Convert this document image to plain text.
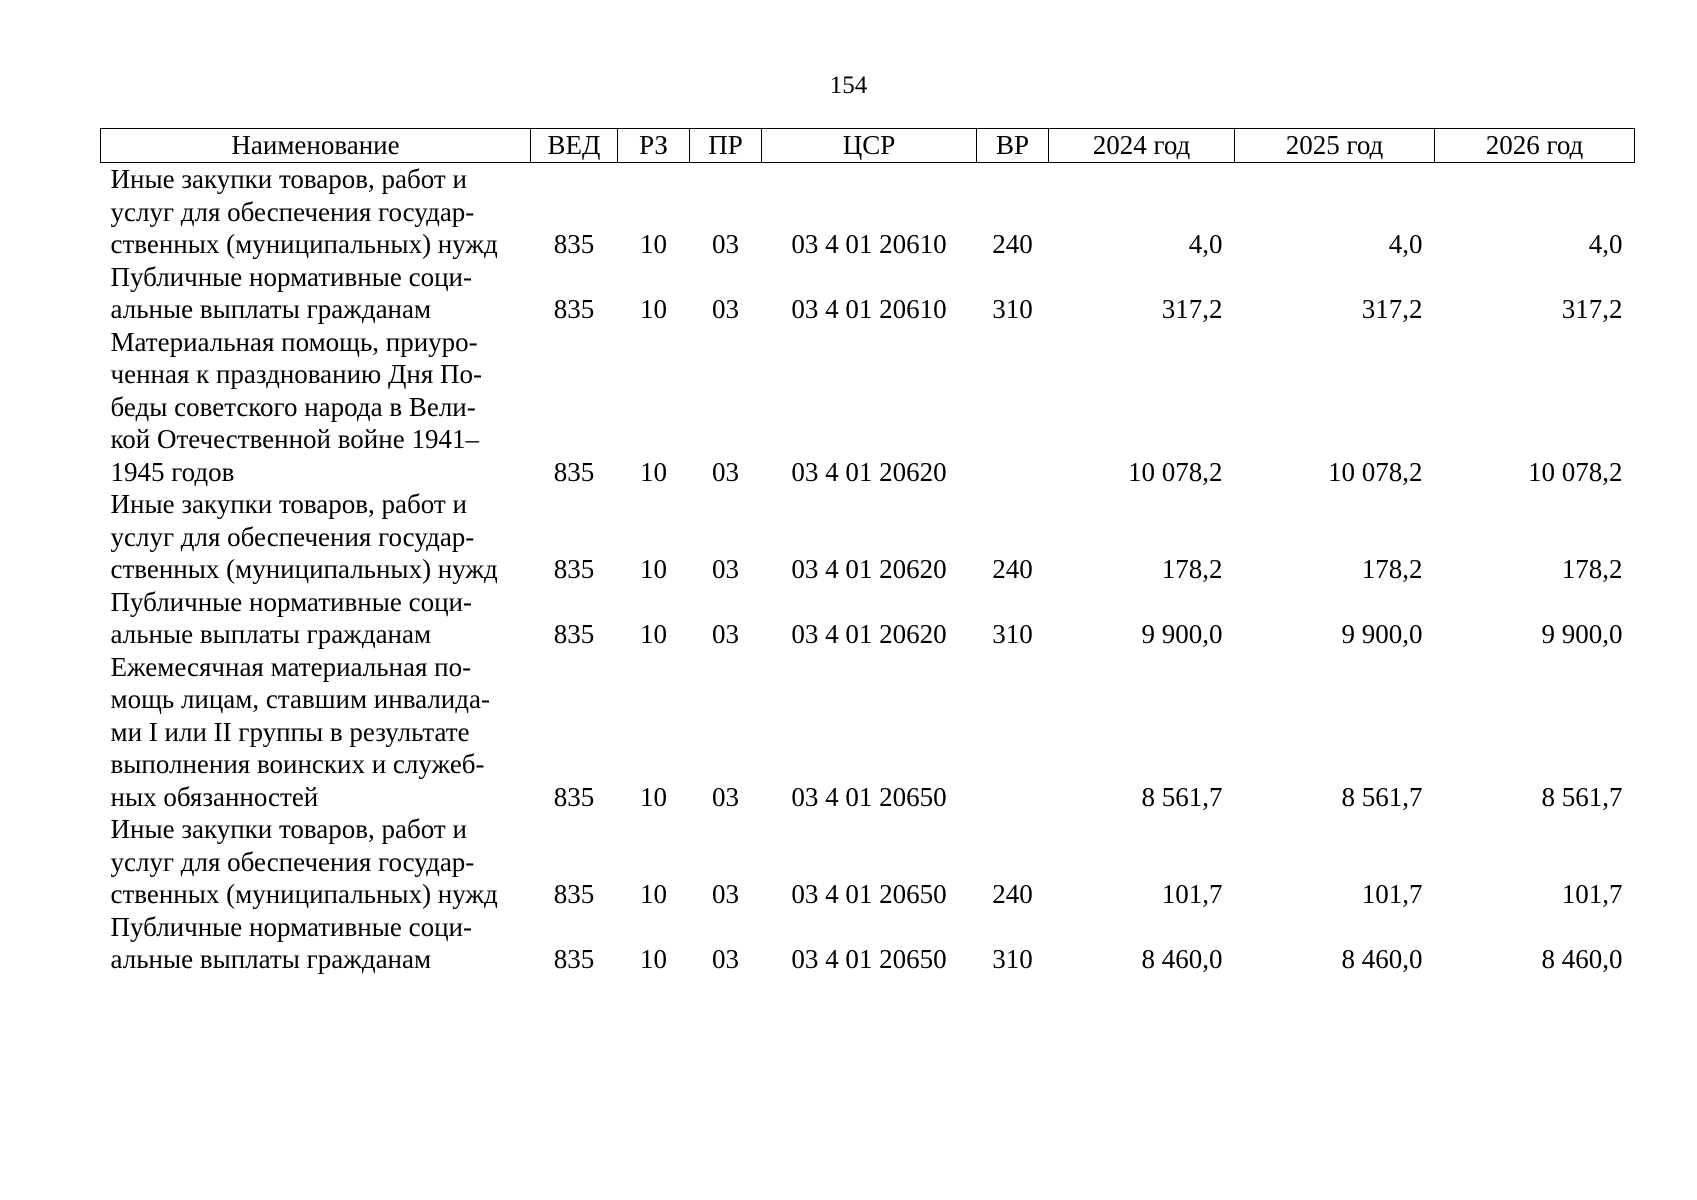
154
Наименование	ВЕД	РЗ	ПР	ЦСР	ВР	2024 год	2025 год	2026 год

Иные закупки товаров, работ и
услуг для обеспечения государ-
ственных (муниципальных) нужд	835	10	03	03 4 01 20610	240	4,0	4,0	4,0

Публичные нормативные соци-
альные выплаты гражданам	835	10	03	03 4 01 20610	310	317,2	317,2	317,2

Материальная помощь, приуро-
ченная к празднованию Дня По-
беды советского народа в Вели-
кой Отечественной войне 1941–
1945 годов	835	10	03	03 4 01 20620		10 078,2	10 078,2	10 078,2

Иные закупки товаров, работ и
услуг для обеспечения государ-
ственных (муниципальных) нужд	835	10	03	03 4 01 20620	240	178,2	178,2	178,2

Публичные нормативные соци-
альные выплаты гражданам	835	10	03	03 4 01 20620	310	9 900,0	9 900,0	9 900,0

Ежемесячная материальная по-
мощь лицам, ставшим инвалида-
ми I или II группы в результате
выполнения воинских и служеб-
ных обязанностей	835	10	03	03 4 01 20650		8 561,7	8 561,7	8 561,7

Иные закупки товаров, работ и
услуг для обеспечения государ-
ственных (муниципальных) нужд	835	10	03	03 4 01 20650	240	101,7	101,7	101,7

Публичные нормативные соци-
альные выплаты гражданам	835	10	03	03 4 01 20650	310	8 460,0	8 460,0	8 460,0
